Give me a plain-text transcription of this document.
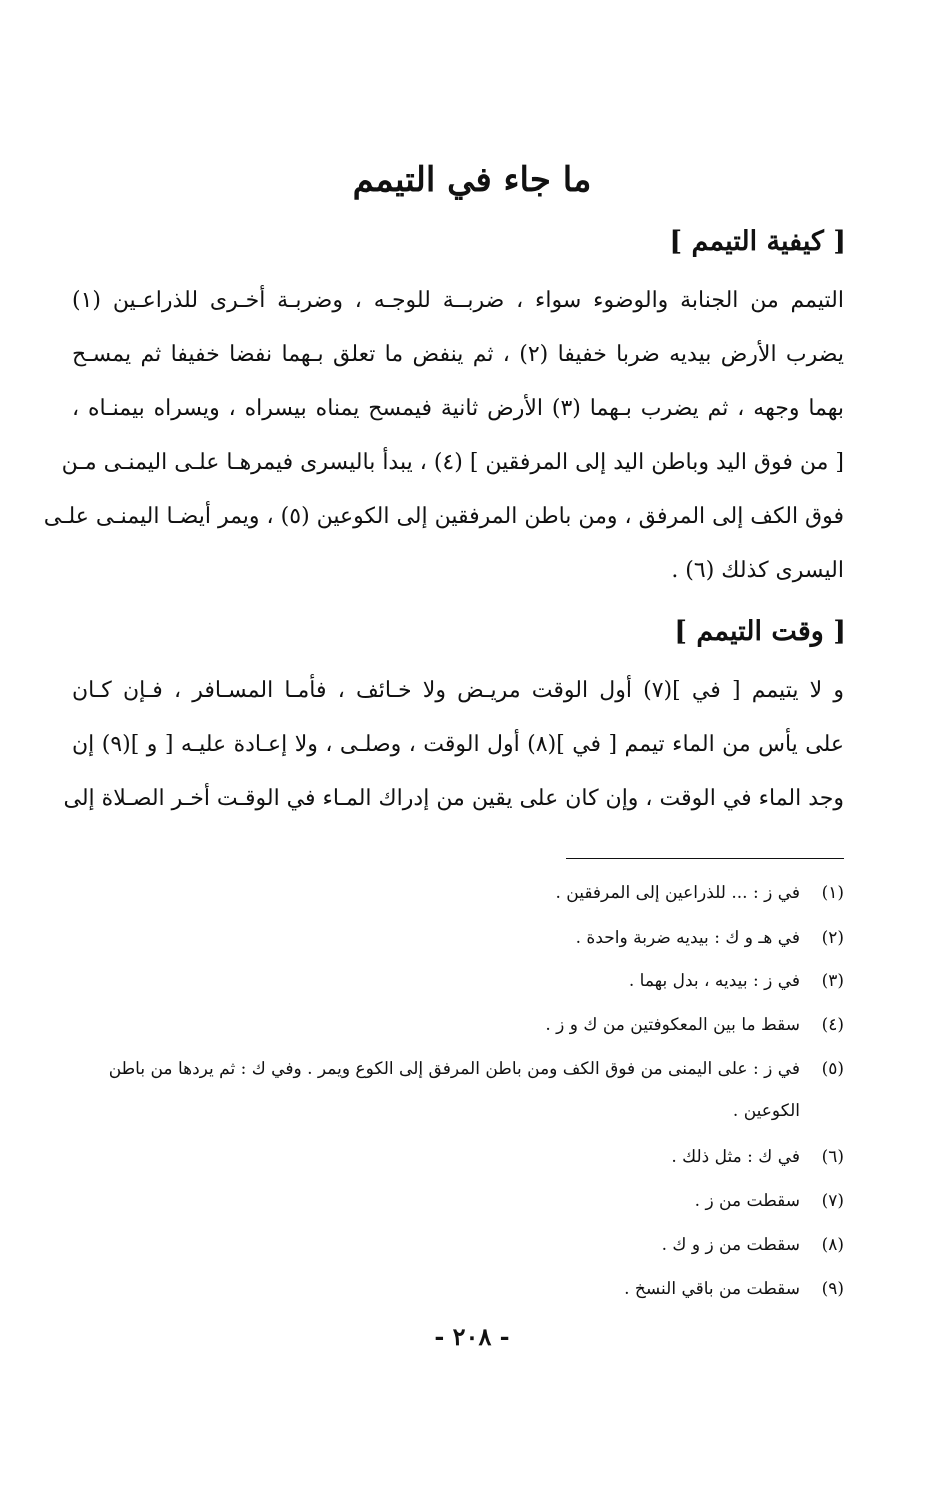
ما جاء في التيمم
[ كيفية التيمم ]
التيمم من الجنابة والوضوء سواء ، ضربــة للوجـه ، وضربـة أخـرى للذراعـين (١)
يضرب الأرض بيديه ضربا خفيفا (٢) ، ثم ينفض ما تعلق بـهما نفضا خفيفا ثم يمسـح
بهما وجهه ، ثم يضرب بـهما (٣) الأرض ثانية فيمسح يمناه بيسراه ، ويسراه بيمنـاه ،
[ من فوق اليد وباطن اليد إلى المرفقين ] (٤) ، يبدأ باليسرى فيمرهـا علـى اليمنـى مـن
فوق الكف إلى المرفق ، ومن باطن المرفقين إلى الكوعين (٥) ، ويمر أيضـا اليمنـى علـى
اليسرى كذلك (٦) .
[ وقت التيمم ]
و لا يتيمم [ في ](٧) أول الوقت مريـض ولا خـائف ، فأمـا المسـافر ، فـإن كـان
على يأس من الماء تيمم [ في ](٨) أول الوقت ، وصلـى ، ولا إعـادة عليـه [ و ](٩) إن
وجد الماء في الوقت ، وإن كان على يقين من إدراك المـاء في الوقـت أخـر الصـلاة إلى
(١)في ز : ... للذراعين إلى المرفقين .
(٢)في هـ و ك : بيديه ضربة واحدة .
(٣)في ز : بيديه ، بدل بهما .
(٤)سقط ما بين المعكوفتين من ك و ز .
(٥)في ز : على اليمنى من فوق الكف ومن باطن المرفق إلى الكوع ويمر . وفي ك : ثم يردها من باطن
الكوعين .
(٦)في ك : مثل ذلك .
(٧)سقطت من ز .
(٨)سقطت من ز و ك .
(٩)سقطت من باقي النسخ .
- ٢٠٨ -
